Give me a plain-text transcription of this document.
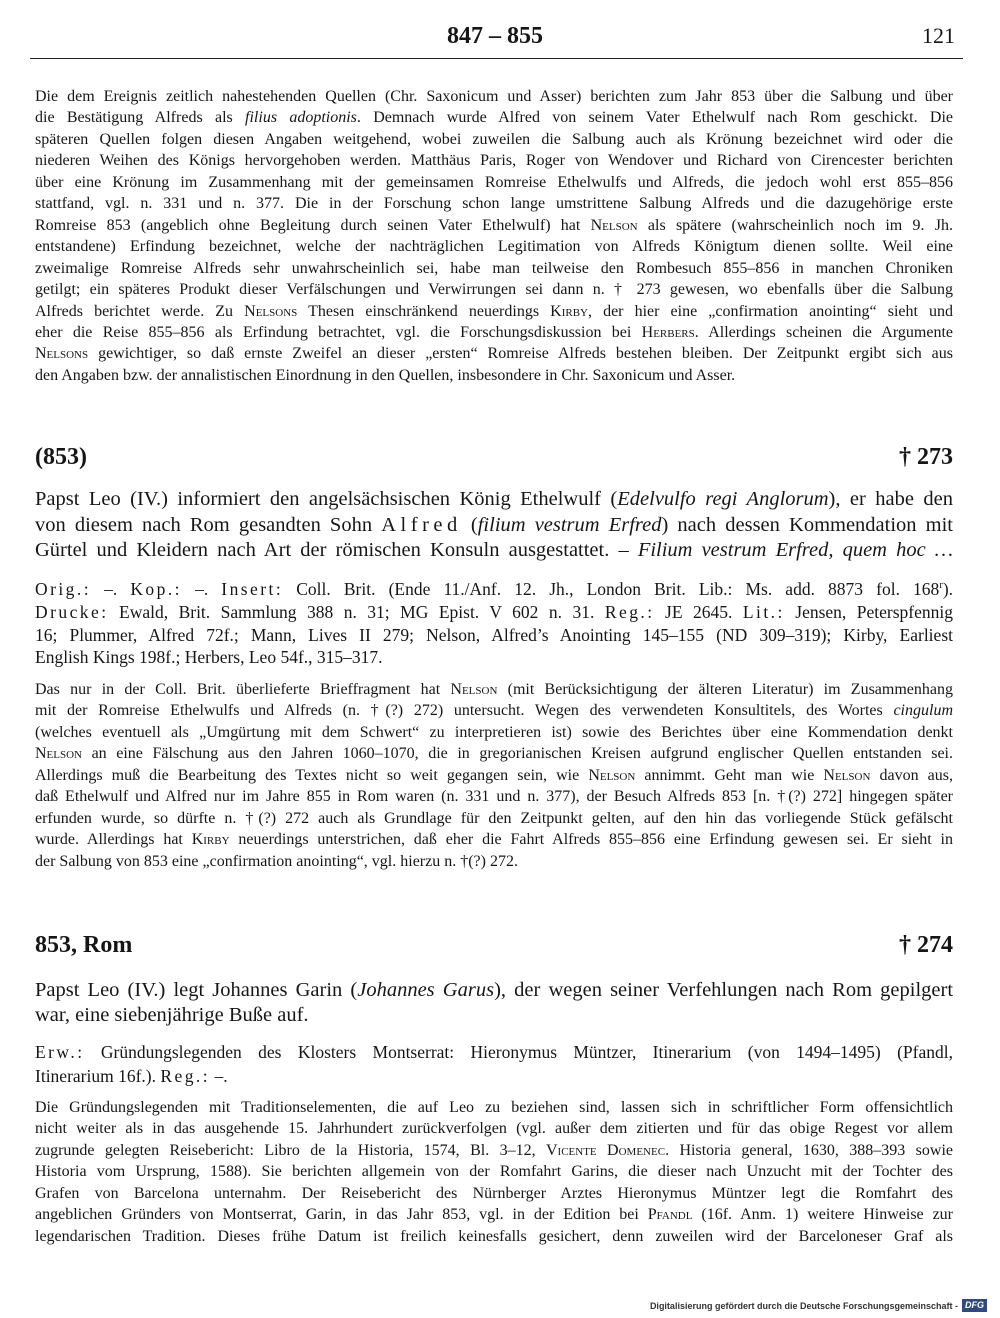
847 – 855	121
Die dem Ereignis zeitlich nahestehenden Quellen (Chr. Saxonicum und Asser) berichten zum Jahr 853 über die Salbung und über
die Bestätigung Alfreds als filius adoptionis. Demnach wurde Alfred von seinem Vater Ethelwulf nach Rom geschickt. Die
späteren Quellen folgen diesen Angaben weitgehend, wobei zuweilen die Salbung auch als Krönung bezeichnet wird oder die
niederen Weihen des Königs hervorgehoben werden. Matthäus Paris, Roger von Wendover und Richard von Cirencester berichten
über eine Krönung im Zusammenhang mit der gemeinsamen Romreise Ethelwulfs und Alfreds, die jedoch wohl erst 855–856
stattfand, vgl. n. 331 und n. 377. Die in der Forschung schon lange umstrittene Salbung Alfreds und die dazugehörige erste
Romreise 853 (angeblich ohne Begleitung durch seinen Vater Ethelwulf) hat Nelson als spätere (wahrscheinlich noch im 9. Jh.
entstandene) Erfindung bezeichnet, welche der nachträglichen Legitimation von Alfreds Königtum dienen sollte. Weil eine
zweimalige Romreise Alfreds sehr unwahrscheinlich sei, habe man teilweise den Rombesuch 855–856 in manchen Chroniken
getilgt; ein späteres Produkt dieser Verfälschungen und Verwirrungen sei dann n. † 273 gewesen, wo ebenfalls über die Salbung
Alfreds berichtet werde. Zu Nelsons Thesen einschränkend neuerdings Kirby, der hier eine „confirmation anointing“ sieht und
eher die Reise 855–856 als Erfindung betrachtet, vgl. die Forschungsdiskussion bei Herbers. Allerdings scheinen die Argumente
Nelsons gewichtiger, so daß ernste Zweifel an dieser „ersten“ Romreise Alfreds bestehen bleiben. Der Zeitpunkt ergibt sich aus
den Angaben bzw. der annalistischen Einordnung in den Quellen, insbesondere in Chr. Saxonicum und Asser.
(853)	† 273
Papst Leo (IV.) informiert den angelsächsischen König Ethelwulf (Edelvulfo regi Anglorum), er habe den
von diesem nach Rom gesandten Sohn Alfred (filium vestrum Erfred) nach dessen Kommendation mit
Gürtel und Kleidern nach Art der römischen Konsuln ausgestattet. – Filium vestrum Erfred, quem hoc …
Orig.: –. Kop.: –. Insert: Coll. Brit. (Ende 11./Anf. 12. Jh., London Brit. Lib.: Ms. add. 8873 fol. 168$^r$).
Drucke: Ewald, Brit. Sammlung 388 n. 31; MG Epist. V 602 n. 31. Reg.: JE 2645. Lit.: Jensen, Peterspfennig
16; Plummer, Alfred 72f.; Mann, Lives II 279; Nelson, Alfred’s Anointing 145–155 (ND 309–319); Kirby, Earliest
English Kings 198f.; Herbers, Leo 54f., 315–317.
Das nur in der Coll. Brit. überlieferte Brieffragment hat Nelson (mit Berücksichtigung der älteren Literatur) im Zusammenhang
mit der Romreise Ethelwulfs und Alfreds (n. †(?) 272) untersucht. Wegen des verwendeten Konsultitels, des Wortes cingulum
(welches eventuell als „Umgürtung mit dem Schwert“ zu interpretieren ist) sowie des Berichtes über eine Kommendation denkt
Nelson an eine Fälschung aus den Jahren 1060–1070, die in gregorianischen Kreisen aufgrund englischer Quellen entstanden sei.
Allerdings muß die Bearbeitung des Textes nicht so weit gegangen sein, wie Nelson annimmt. Geht man wie Nelson davon aus,
daß Ethelwulf und Alfred nur im Jahre 855 in Rom waren (n. 331 und n. 377), der Besuch Alfreds 853 [n. †(?) 272] hingegen später
erfunden wurde, so dürfte n. †(?) 272 auch als Grundlage für den Zeitpunkt gelten, auf den hin das vorliegende Stück gefälscht
wurde. Allerdings hat Kirby neuerdings unterstrichen, daß eher die Fahrt Alfreds 855–856 eine Erfindung gewesen sei. Er sieht in
der Salbung von 853 eine „confirmation anointing“, vgl. hierzu n. †(?) 272.
853, Rom	† 274
Papst Leo (IV.) legt Johannes Garin (Johannes Garus), der wegen seiner Verfehlungen nach Rom gepilgert
war, eine siebenjährige Buße auf.
Erw.: Gründungslegenden des Klosters Montserrat: Hieronymus Müntzer, Itinerarium (von 1494–1495) (Pfandl,
Itinerarium 16f.). Reg.: –.
Die Gründungslegenden mit Traditionselementen, die auf Leo zu beziehen sind, lassen sich in schriftlicher Form offensichtlich
nicht weiter als in das ausgehende 15. Jahrhundert zurückverfolgen (vgl. außer dem zitierten und für das obige Regest vor allem
zugrunde gelegten Reisebericht: Libro de la Historia, 1574, Bl. 3–12, Vicente Domenec. Historia general, 1630, 388–393 sowie
Historia vom Ursprung, 1588). Sie berichten allgemein von der Romfahrt Garins, die dieser nach Unzucht mit der Tochter des
Grafen von Barcelona unternahm. Der Reisebericht des Nürnberger Arztes Hieronymus Müntzer legt die Romfahrt des
angeblichen Gründers von Montserrat, Garin, in das Jahr 853, vgl. in der Edition bei Pfandl (16f. Anm. 1) weitere Hinweise zur
legendarischen Tradition. Dieses frühe Datum ist freilich keinesfalls gesichert, denn zuweilen wird der Barceloneser Graf als
Digitalisierung gefördert durch die Deutsche Forschungsgemeinschaft - DFG
